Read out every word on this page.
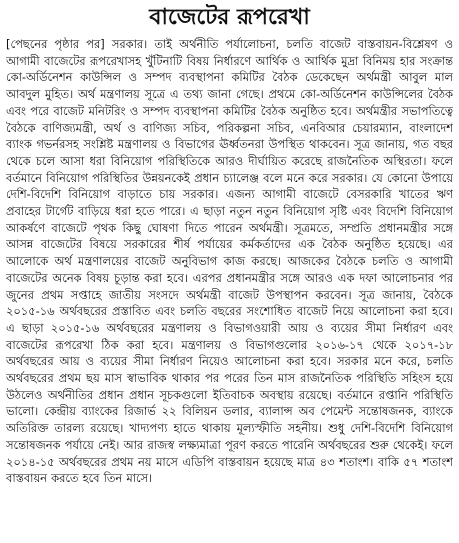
বাজেটের রূপরেখা

[পেছনের পৃষ্ঠার পর] সরকার। তাই অর্থনীতি পর্যালোচনা, চলতি বাজেট বাস্তবায়ন-বিশ্লেষণ ও আগামী বাজেটের রূপরেখাসহ খুঁটিনাটি বিষয় নির্ধারণে আর্থিক ও আর্থিক মুদ্রা বিনিময় হার সংক্রান্ত কো-অর্ডিনেশন কাউন্সিল ও সম্পদ ব্যবস্থাপনা কমিটির বৈঠক ডেকেছেন অর্থমন্ত্রী আবুল মাল আবদুল মুহিত। অর্থ মন্ত্রণালয় সূত্রে এ তথ্য জানা গেছে। প্রথমে কো-অর্ডিনেশন কাউন্সিলের বৈঠক এবং পরে বাজেট মনিটরিং ও সম্পদ ব্যবস্থাপনা কমিটির বৈঠক অনুষ্ঠিত হবে। অর্থমন্ত্রীর সভাপতিত্বে বৈঠকে বাণিজ্যমন্ত্রী, অর্থ ও বাণিজ্য সচিব, পরিকল্পনা সচিব, এনবিআর চেয়ারম্যান, বাংলাদেশ ব্যাংক গভর্নরসহ সংশ্লিষ্ট মন্ত্রণালয় ও বিভাগের ঊর্ধ্বতনরা উপস্থিত থাকবেন। সূত্র জানায়, গত বছর থেকে চলে আসা ধরা বিনিয়োগ পরিস্থিতিকে আরও দীর্ঘায়িত করেছে রাজনৈতিক অস্থিরতা। ফলে বর্তমানে বিনিয়োগ পরিস্থিতির উন্নয়নকেই প্রধান চ্যালেঞ্জ বলে মনে করে সরকার। যে কোনো উপায়ে দেশি-বিদেশি বিনিয়োগ বাড়াতে চায় সরকার। এজন্য আগামী বাজেটে বেসরকারি খাতের ঋণ প্রবাহের টার্গেট বাড়িয়ে ধরা হতে পারে। এ ছাড়া নতুন নতুন বিনিয়োগ সৃষ্টি এবং বিদেশি বিনিয়োগ আকর্ষণে বাজেটে পৃথক কিছু ঘোষণা দিতে পারেন অর্থমন্ত্রী। সূত্রমতে, সম্প্রতি প্রধানমন্ত্রীর সঙ্গে আসন্ন বাজেটের বিষয়ে সরকারের শীর্ষ পর্যায়ের কর্মকর্তাদের এক বৈঠক অনুষ্ঠিত হয়েছে। এর আলোকে অর্থ মন্ত্রণালয়ের বাজেট অনুবিভাগ কাজ করছে। আজকের বৈঠকে চলতি ও আগামী বাজেটের অনেক বিষয় চূড়ান্ত করা হবে। এরপর প্রধানমন্ত্রীর সঙ্গে আরও এক দফা আলোচনার পর জুনের প্রথম সপ্তাহে জাতীয় সংসদে অর্থমন্ত্রী বাজেট উপস্থাপন করবেন। সূত্র জানায়, বৈঠকে ২০১৫-১৬ অর্থবছরের প্রস্তাবিত এবং চলতি বছরের সংশোধিত বাজেট নিয়ে আলোচনা করা হবে। এ ছাড়া ২০১৫-১৬ অর্থবছরের মন্ত্রণালয় ও বিভাগওয়ারী আয় ও ব্যয়ের সীমা নির্ধারণ এবং বাজেটের রূপরেখা ঠিক করা হবে। মন্ত্রণালয় ও বিভাগগুলোর ২০১৬-১৭ থেকে ২০১৭-১৮ অর্থবছরের আয় ও ব্যয়ের সীমা নির্ধারণ নিয়েও আলোচনা করা হবে। সরকার মনে করে, চলতি অর্থবছরের প্রথম ছয় মাস স্বাভাবিক থাকার পর পরের তিন মাস রাজনৈতিক পরিস্থিতি সহিংস হয়ে উঠলেও অর্থনীতির প্রধান প্রধান সূচকগুলো ইতিবাচক অবস্থায় রয়েছে। বর্তমানে রপ্তানি পরিস্থিতি ভালো। কেন্দ্রীয় ব্যাংকের রিজার্ভ ২২ বিলিয়ন ডলার, ব্যালান্স অব পেমেন্ট সন্তোষজনক, ব্যাংকে অতিরিক্ত তারল্য রয়েছে। খাদ্যপণ্য হাতে থাকায় মূল্যস্ফীতি সহনীয়। শুধু দেশি-বিদেশি বিনিয়োগ সন্তোষজনক পর্যায়ে নেই। আর রাজস্ব লক্ষ্যমাত্রা পূরণ করতে পারেনি অর্থবছরের শুরু থেকেই। ফলে ২০১৪-১৫ অর্থবছরের প্রথম নয় মাসে এডিপি বাস্তবায়ন হয়েছে মাত্র ৪৩ শতাংশ। বাকি ৫৭ শতাংশ বাস্তবায়ন করতে হবে তিন মাসে।
